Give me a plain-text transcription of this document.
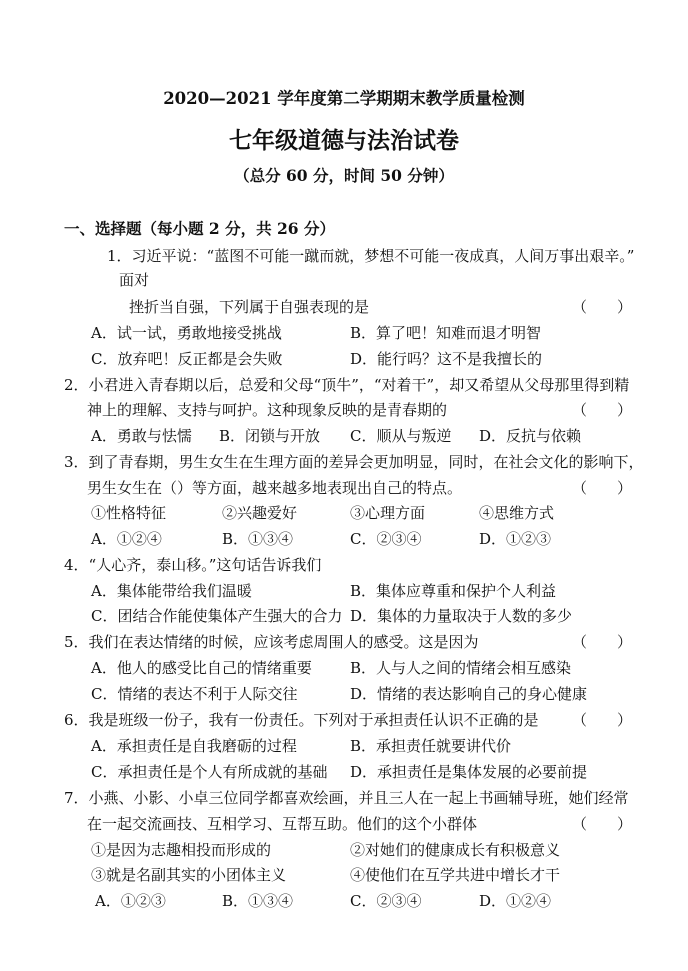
2020—2021 学年度第二学期期末教学质量检测
七年级道德与法治试卷
（总分 60 分，时间 50 分钟）
一、选择题（每小题 2 分，共 26 分）
1．习近平说：“蓝图不可能一蹴而就，梦想不可能一夜成真，人间万事出艰辛。”
面对
挫折当自强，下列属于自强表现的是	（　　）
A．试一试，勇敢地接受挑战	B．算了吧！知难而退才明智
C．放弃吧！反正都是会失败	D．能行吗？这不是我擅长的
2．小君进入青春期以后，总爱和父母“顶牛”，“对着干”，却又希望从父母那里得到精
神上的理解、支持与呵护。这种现象反映的是青春期的	（　　）
A．勇敢与怯懦 B．闭锁与开放 C．顺从与叛逆 D．反抗与依赖
3．到了青春期，男生女生在生理方面的差异会更加明显，同时，在社会文化的影响下，
男生女生在（）等方面，越来越多地表现出自己的特点。	（　　）
①性格特征	②兴趣爱好	③心理方面	④思维方式
A．①②④	B．①③④	C．②③④	D．①②③
4．“人心齐，泰山移。”这句话告诉我们
A．集体能带给我们温暖	B．集体应尊重和保护个人利益
C．团结合作能使集体产生强大的合力 D．集体的力量取决于人数的多少
5．我们在表达情绪的时候，应该考虑周围人的感受。这是因为	（　　）
A．他人的感受比自己的情绪重要	B．人与人之间的情绪会相互感染
C．情绪的表达不利于人际交往	D．情绪的表达影响自己的身心健康
6．我是班级一份子，我有一份责任。下列对于承担责任认识不正确的是 （　　）
A．承担责任是自我磨砺的过程	B．承担责任就要讲代价
C．承担责任是个人有所成就的基础 D．承担责任是集体发展的必要前提
7．小燕、小影、小卓三位同学都喜欢绘画，并且三人在一起上书画辅导班，她们经常
在一起交流画技、互相学习、互帮互助。他们的这个小群体	（　　）
①是因为志趣相投而形成的	②对她们的健康成长有积极意义
③就是名副其实的小团体主义	④使他们在互学共进中增长才干
A．①②③	B．①③④	C．②③④	D．①②④
